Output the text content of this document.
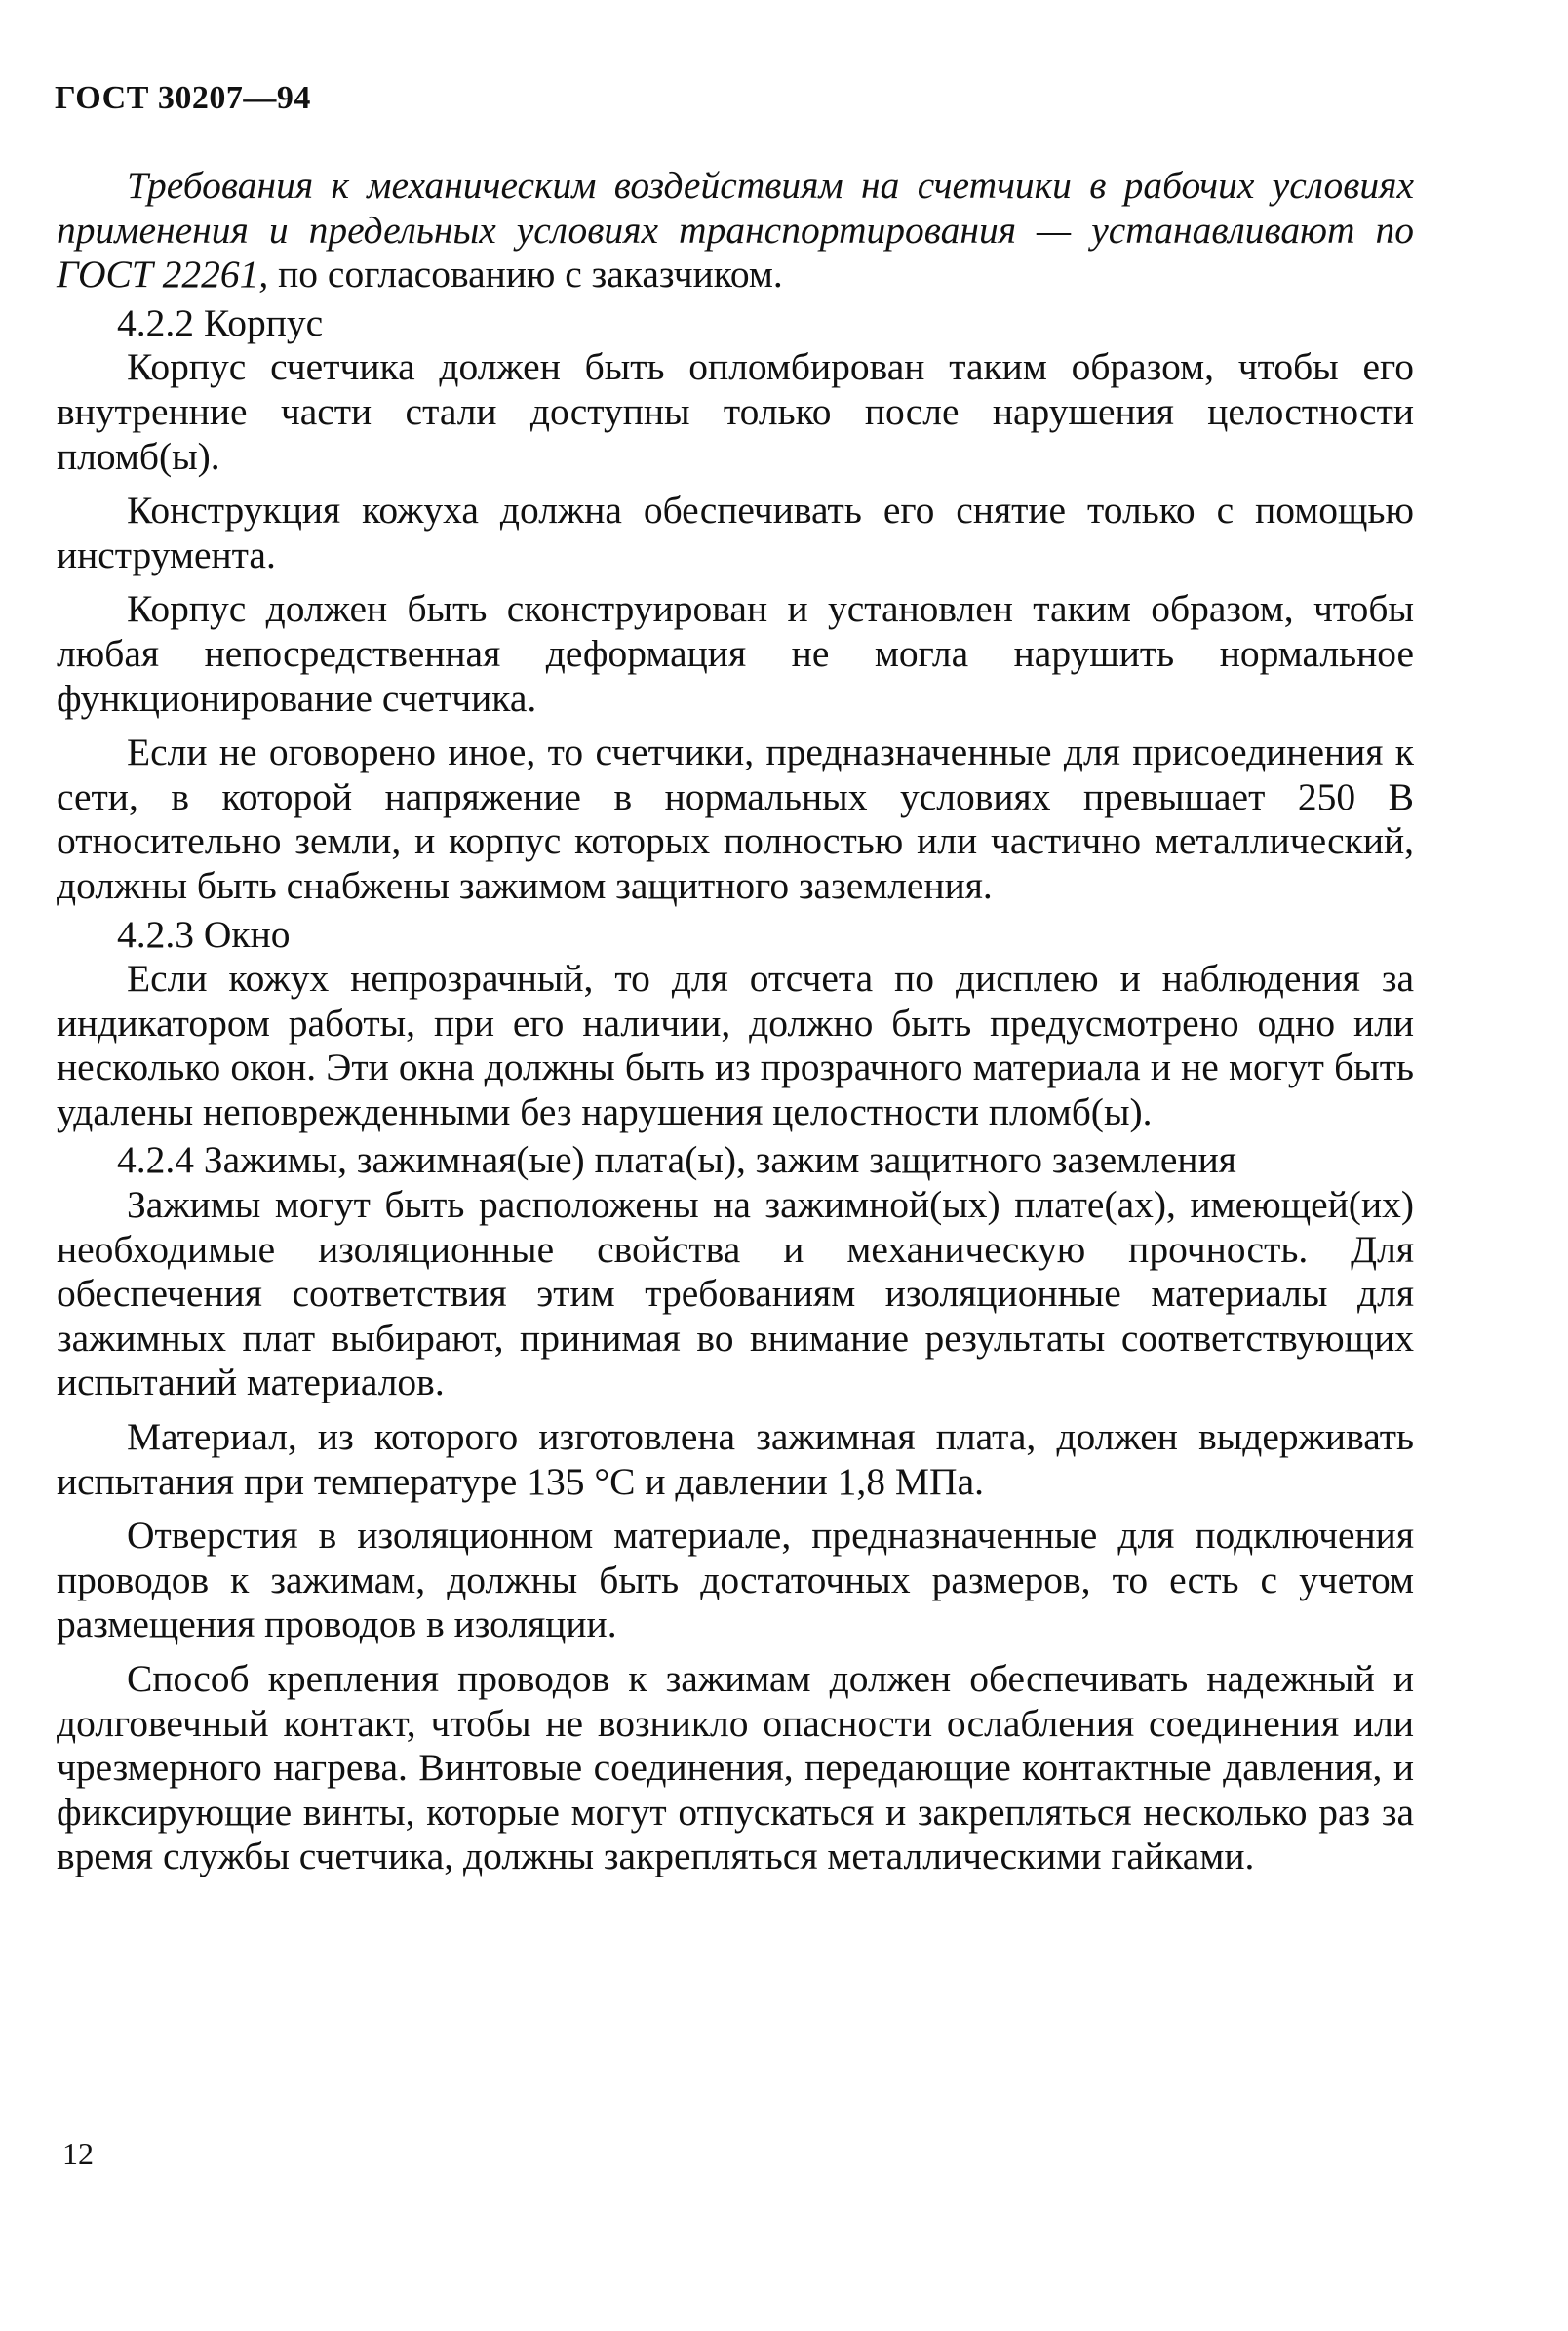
ГОСТ 30207—94

Требования к механическим воздействиям на счетчики в рабочих условиях применения и предельных условиях транспортирования — устанавливают по ГОСТ 22261, по согласованию с заказчиком.

4.2.2 Корпус

Корпус счетчика должен быть опломбирован таким образом, чтобы его внутренние части стали доступны только после нарушения целостности пломб(ы).

Конструкция кожуха должна обеспечивать его снятие только с помощью инструмента.

Корпус должен быть сконструирован и установлен таким образом, чтобы любая непосредственная деформация не могла нарушить нормальное функционирование счетчика.

Если не оговорено иное, то счетчики, предназначенные для присоединения к сети, в которой напряжение в нормальных условиях превышает 250 В относительно земли, и корпус которых полностью или частично металлический, должны быть снабжены зажимом защитного заземления.

4.2.3 Окно

Если кожух непрозрачный, то для отсчета по дисплею и наблюдения за индикатором работы, при его наличии, должно быть предусмотрено одно или несколько окон. Эти окна должны быть из прозрачного материала и не могут быть удалены неповрежденными без нарушения целостности пломб(ы).

4.2.4 Зажимы, зажимная(ые) плата(ы), зажим защитного заземления

Зажимы могут быть расположены на зажимной(ых) плате(ах), имеющей(их) необходимые изоляционные свойства и механическую прочность. Для обеспечения соответствия этим требованиям изоляционные материалы для зажимных плат выбирают, принимая во внимание результаты соответствующих испытаний материалов.

Материал, из которого изготовлена зажимная плата, должен выдерживать испытания при температуре 135 °С и давлении 1,8 МПа.

Отверстия в изоляционном материале, предназначенные для подключения проводов к зажимам, должны быть достаточных размеров, то есть с учетом размещения проводов в изоляции.

Способ крепления проводов к зажимам должен обеспечивать надежный и долговечный контакт, чтобы не возникло опасности ослабления соединения или чрезмерного нагрева. Винтовые соединения, передающие контактные давления, и фиксирующие винты, которые могут отпускаться и закрепляться несколько раз за время службы счетчика, должны закрепляться металлическими гайками.

12
